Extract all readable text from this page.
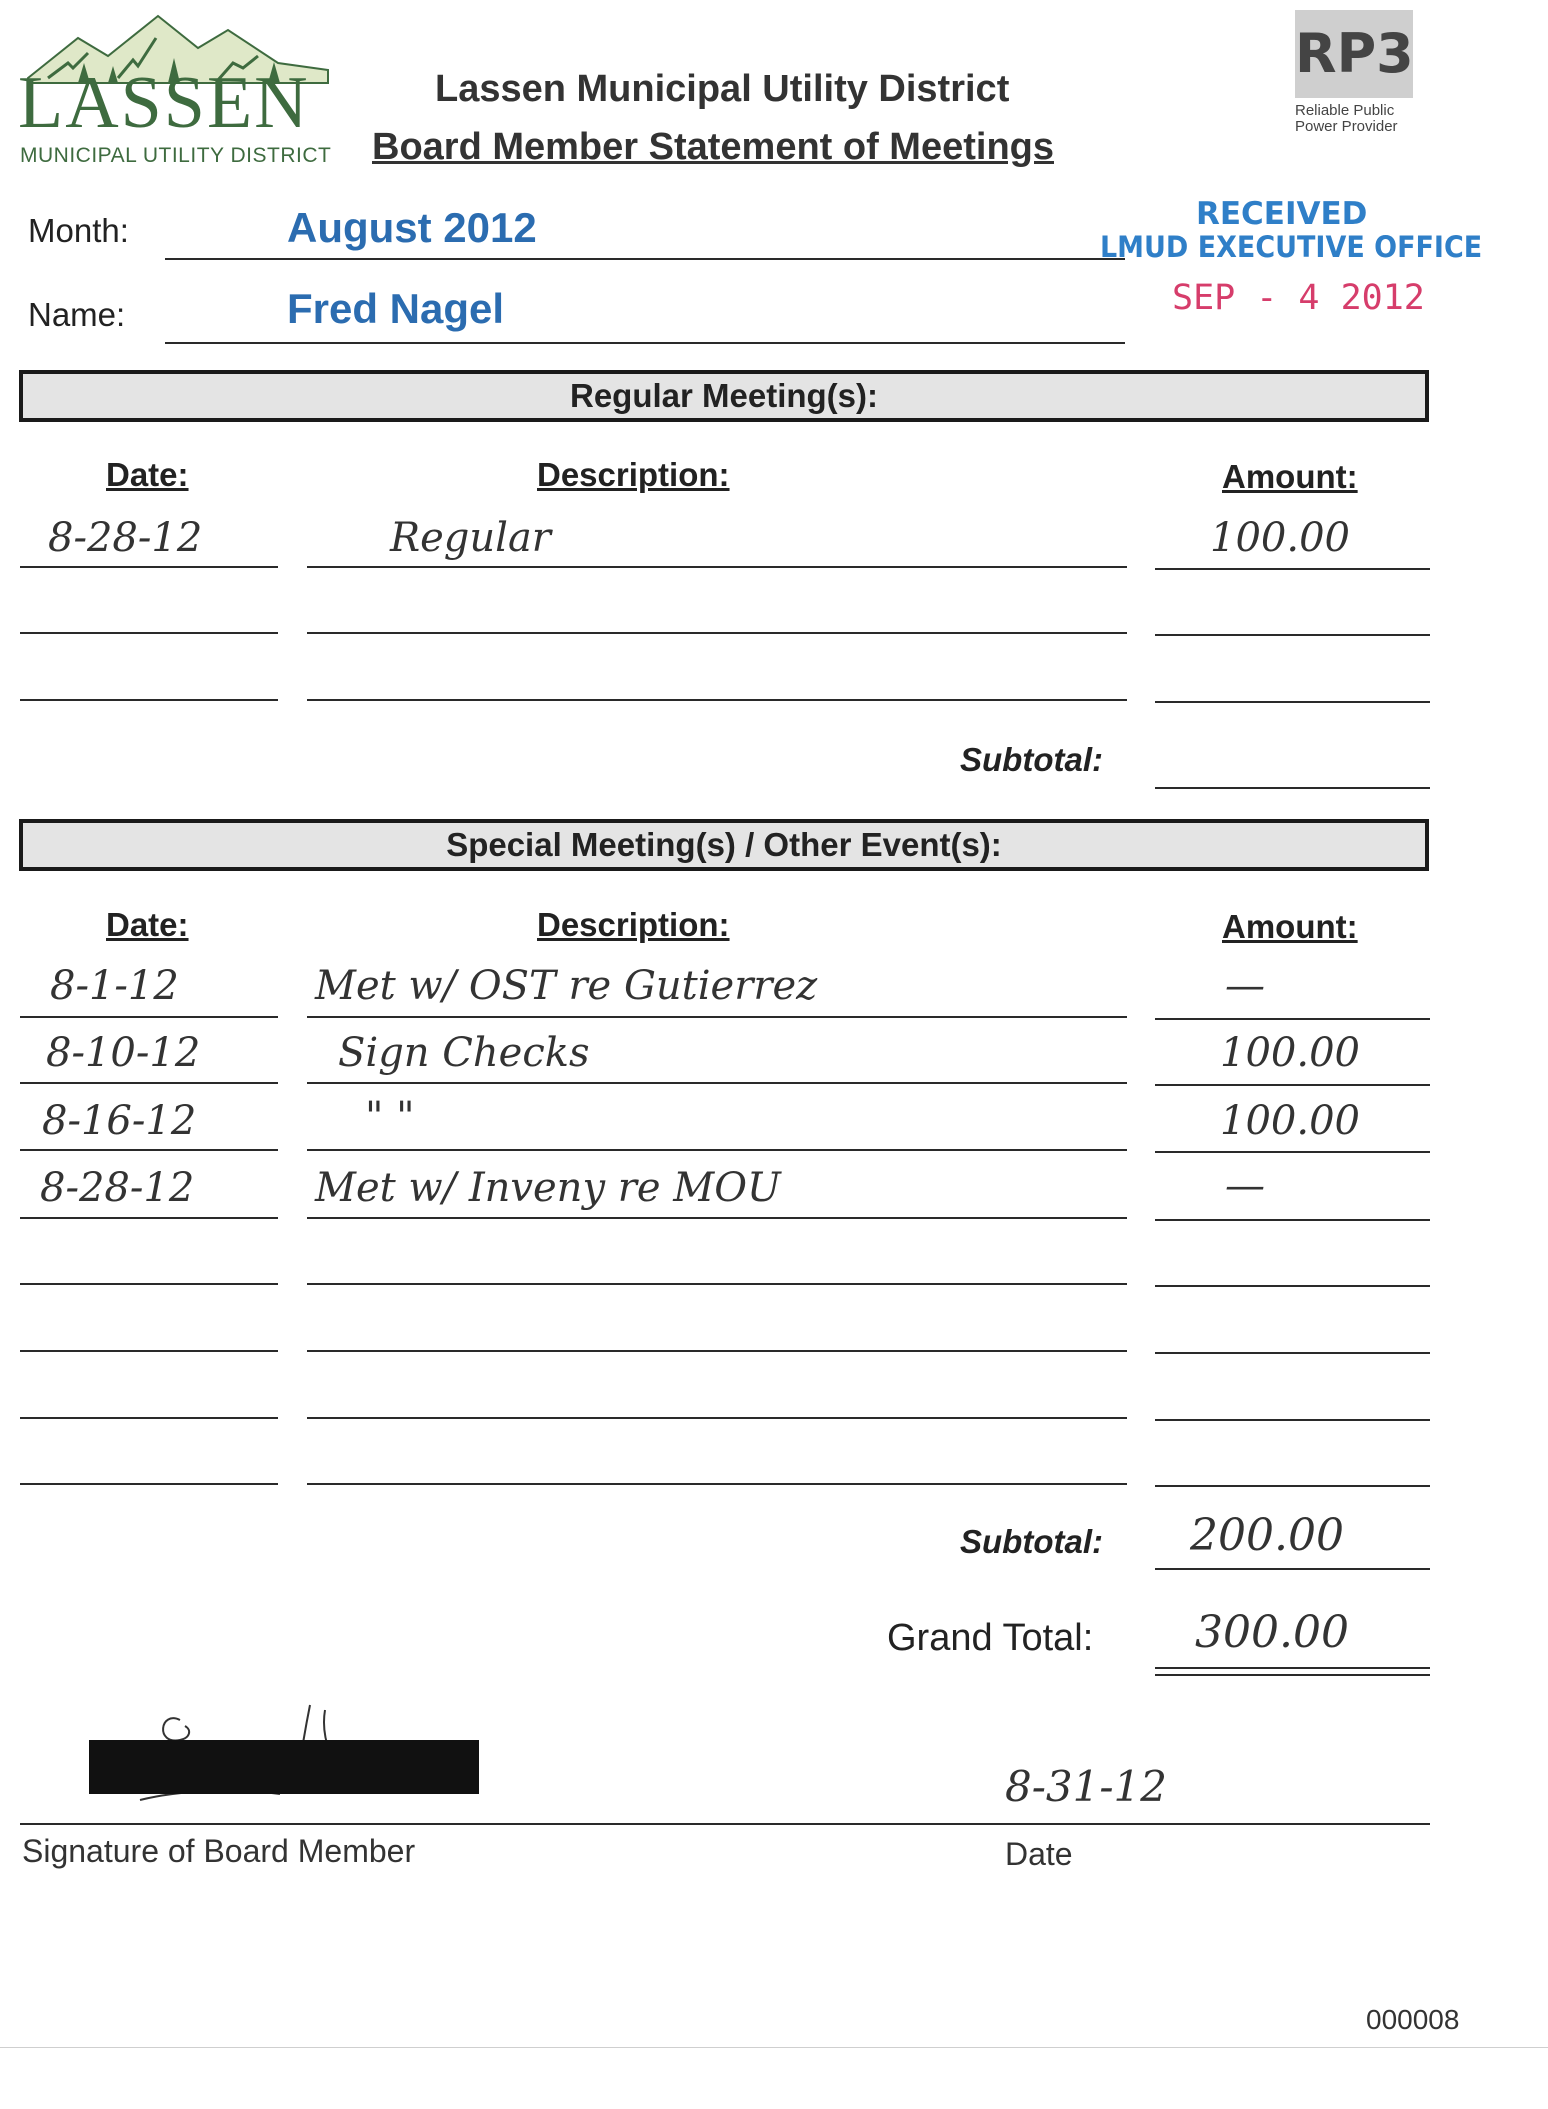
LASSEN
MUNICIPAL UTILITY DISTRICT
Lassen Municipal Utility District
Board Member Statement of Meetings
RP3
Reliable Public
Power Provider
RECEIVED
LMUD EXECUTIVE OFFICE
SEP - 4 2012
Month:	August 2012
Name:	Fred Nagel
Regular Meeting(s):
Date:	Description:	Amount:
8-28-12	Regular	100.00
Subtotal:
Special Meeting(s) / Other Event(s):
Date:	Description:	Amount:
8-1-12	Met w/ OST re Gutierrez	—
8-10-12	Sign Checks	100.00
8-16-12	" "	100.00
8-28-12	Met w/ Inveny re MOU	—
Subtotal: 200.00
Grand Total: 300.00
8-31-12
Signature of Board Member	Date
000008
